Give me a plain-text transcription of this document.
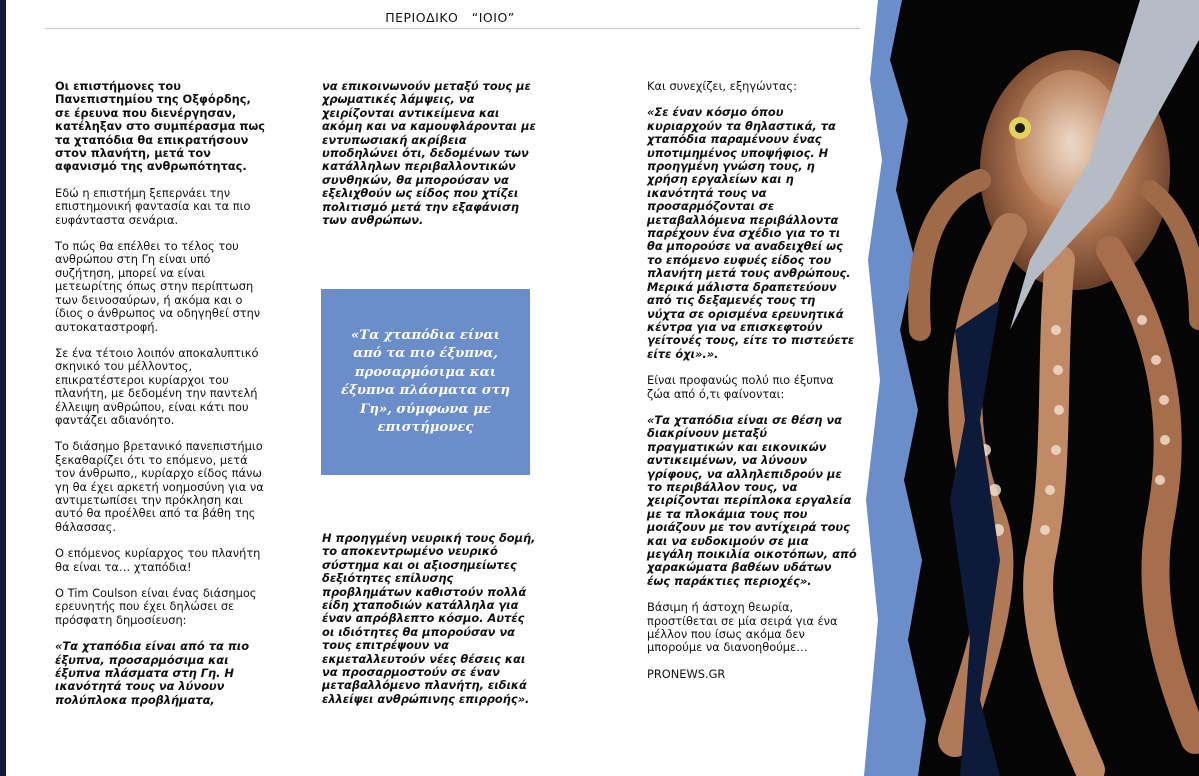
ΠΕΡΙΟΔΙΚΟ   “ΙΟΙΟ”

Οι επιστήμονες του Πανεπιστημίου της Οξφόρδης, σε έρευνα που διενέργησαν, κατέληξαν στο συμπέρασμα πως τα χταπόδια θα επικρατήσουν στον πλανήτη, μετά τον αφανισμό της ανθρωπότητας.

Εδώ η επιστήμη ξεπερνάει την επιστημονική φαντασία και τα πιο ευφάνταστα σενάρια.

Το πώς θα επέλθει το τέλος του ανθρώπου στη Γη είναι υπό συζήτηση, μπορεί να είναι μετεωρίτης όπως στην περίπτωση των δεινοσαύρων, ή ακόμα και ο ίδιος ο άνθρωπος να οδηγηθεί στην αυτοκαταστροφή.

Σε ένα τέτοιο λοιπόν αποκαλυπτικό σκηνικό του μέλλοντος, επικρατέστεροι κυρίαρχοι του πλανήτη, με δεδομένη την παντελή έλλειψη ανθρώπου, είναι κάτι που φαντάζει αδιανόητο.

Το διάσημο βρετανικό πανεπιστήμιο ξεκαθαρίζει ότι το επόμενο, μετά τον άνθρωπο,, κυρίαρχο είδος πάνω γη θα έχει αρκετή νοημοσύνη για να αντιμετωπίσει την πρόκληση και αυτό θα προέλθει από τα βάθη της θάλασσας.

Ο επόμενος κυρίαρχος του πλανήτη θα είναι τα… χταπόδια!

Ο Tim Coulson είναι ένας διάσημος ερευνητής που έχει δηλώσει σε πρόσφατη δημοσίευση:

«Τα χταπόδια είναι από τα πιο έξυπνα, προσαρμόσιμα και έξυπνα πλάσματα στη Γη. Η ικανότητά τους να λύνουν πολύπλοκα προβλήματα,

να επικοινωνούν μεταξύ τους με χρωματικές λάμψεις, να χειρίζονται αντικείμενα και ακόμη και να καμουφλάρονται με εντυπωσιακή ακρίβεια υποδηλώνει ότι, δεδομένων των κατάλληλων περιβαλλοντικών συνθηκών, θα μπορούσαν να εξελιχθούν ως είδος που χτίζει πολιτισμό μετά την εξαφάνιση των ανθρώπων.

«Τα χταπόδια είναι από τα πιο έξυπνα, προσαρμόσιμα και έξυπνα πλάσματα στη Γη», σύμφωνα με επιστήμονες

Η προηγμένη νευρική τους δομή, το αποκεντρωμένο νευρικό σύστημα και οι αξιοσημείωτες δεξιότητες επίλυσης προβλημάτων καθιστούν πολλά είδη χταποδιών κατάλληλα για έναν απρόβλεπτο κόσμο. Αυτές οι ιδιότητες θα μπορούσαν να τους επιτρέψουν να εκμεταλλευτούν νέες θέσεις και να προσαρμοστούν σε έναν μεταβαλλόμενο πλανήτη, ειδικά ελλείψει ανθρώπινης επιρροής».

Και συνεχίζει, εξηγώντας:

«Σε έναν κόσμο όπου κυριαρχούν τα θηλαστικά, τα χταπόδια παραμένουν ένας υποτιμημένος υποψήφιος. Η προηγμένη γνώση τους, η χρήση εργαλείων και η ικανότητά τους να προσαρμόζονται σε μεταβαλλόμενα περιβάλλοντα παρέχουν ένα σχέδιο για το τι θα μπορούσε να αναδειχθεί ως το επόμενο ευφυές είδος του πλανήτη μετά τους ανθρώπους. Μερικά μάλιστα δραπετεύουν από τις δεξαμενές τους τη νύχτα σε ορισμένα ερευνητικά κέντρα για να επισκεφτούν γείτονές τους, είτε το πιστεύετε είτε όχι».».

Είναι προφανώς πολύ πιο έξυπνα ζώα από ό,τι φαίνονται:

«Τα χταπόδια είναι σε θέση να διακρίνουν μεταξύ πραγματικών και εικονικών αντικειμένων, να λύνουν γρίφους, να αλληλεπιδρούν με το περιβάλλον τους, να χειρίζονται περίπλοκα εργαλεία με τα πλοκάμια τους που μοιάζουν με τον αντίχειρά τους και να ευδοκιμούν σε μια μεγάλη ποικιλία οικοτόπων, από χαρακώματα βαθέων υδάτων έως παράκτιες περιοχές».

Βάσιμη ή άστοχη θεωρία, προστίθεται σε μία σειρά για ένα μέλλον που ίσως ακόμα δεν μπορούμε να διανοηθούμε…

PRONEWS.GR
